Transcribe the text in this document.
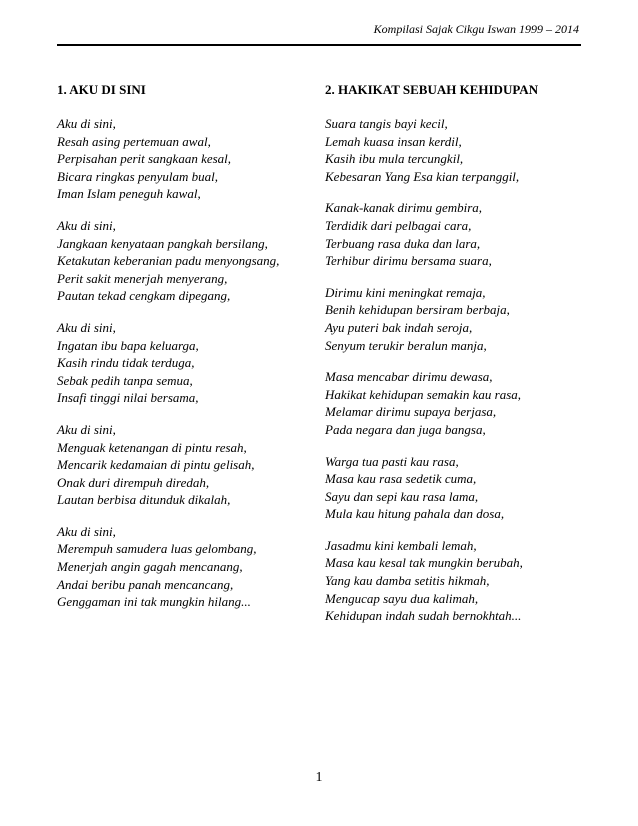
Kompilasi Sajak Cikgu Iswan 1999 – 2014
1. AKU DI SINI
Aku di sini,
Resah asing pertemuan awal,
Perpisahan perit sangkaan kesal,
Bicara ringkas penyulam bual,
Iman Islam peneguh kawal,
Aku di sini,
Jangkaan kenyataan pangkah bersilang,
Ketakutan keberanian padu menyongsang,
Perit sakit menerjah menyerang,
Pautan tekad cengkam dipegang,
Aku di sini,
Ingatan ibu bapa keluarga,
Kasih rindu tidak terduga,
Sebak pedih tanpa semua,
Insafi tinggi nilai bersama,
Aku di sini,
Menguak ketenangan di pintu resah,
Mencarik kedamaian di pintu gelisah,
Onak duri dirempuh diredah,
Lautan berbisa ditunduk dikalah,
Aku di sini,
Merempuh samudera luas gelombang,
Menerjah angin gagah mencanang,
Andai beribu panah mencancang,
Genggaman ini tak mungkin hilang...
2. HAKIKAT SEBUAH KEHIDUPAN
Suara tangis bayi kecil,
Lemah kuasa insan kerdil,
Kasih ibu mula tercungkil,
Kebesaran Yang Esa kian terpanggil,
Kanak-kanak dirimu gembira,
Terdidik dari pelbagai cara,
Terbuang rasa duka dan lara,
Terhibur dirimu bersama suara,
Dirimu kini meningkat remaja,
Benih kehidupan bersiram berbaja,
Ayu puteri bak indah seroja,
Senyum terukir beralun manja,
Masa mencabar dirimu dewasa,
Hakikat kehidupan semakin kau rasa,
Melamar dirimu supaya berjasa,
Pada negara dan juga bangsa,
Warga tua pasti kau rasa,
Masa kau rasa sedetik cuma,
Sayu dan sepi kau rasa lama,
Mula kau hitung pahala dan dosa,
Jasadmu kini kembali lemah,
Masa kau kesal tak mungkin berubah,
Yang kau damba setitis hikmah,
Mengucap sayu dua kalimah,
Kehidupan indah sudah bernokhtah...
1
